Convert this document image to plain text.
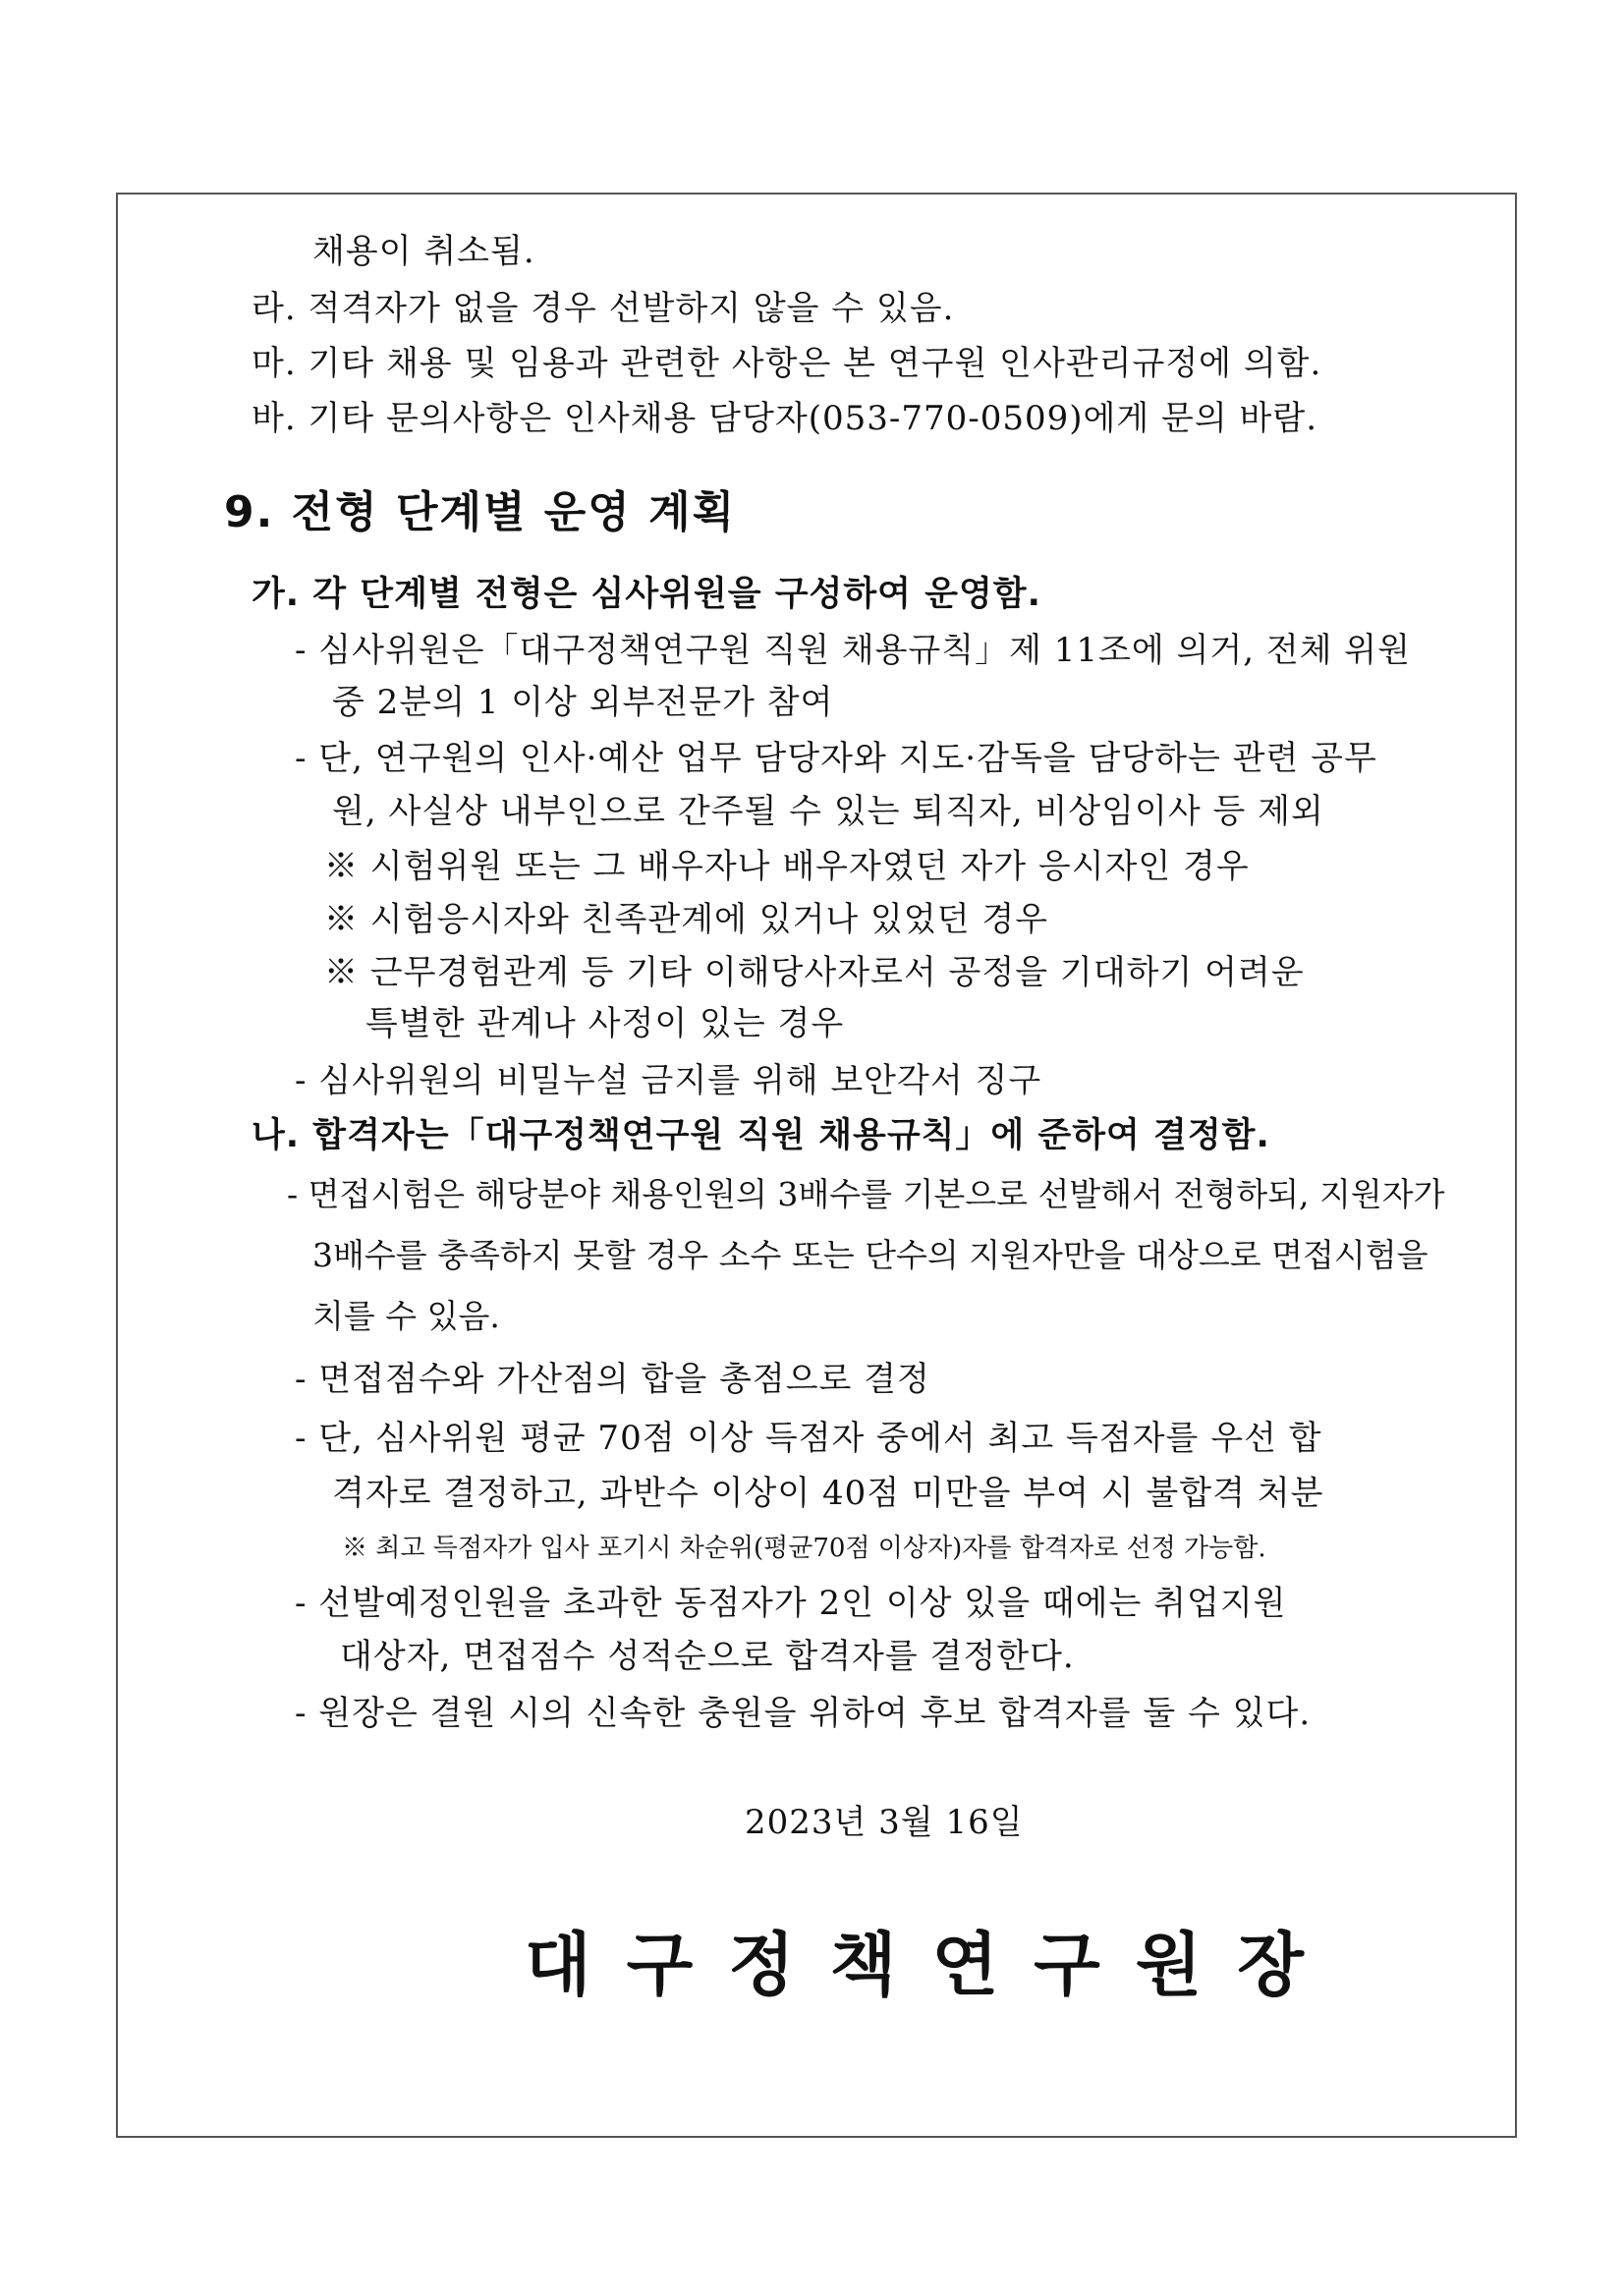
채용이 취소됨.
라. 적격자가 없을 경우 선발하지 않을 수 있음.
마. 기타 채용 및 임용과 관련한 사항은 본 연구원 인사관리규정에 의함.
바. 기타 문의사항은 인사채용 담당자(053-770-0509)에게 문의 바람.
9. 전형 단계별 운영 계획
가. 각 단계별 전형은 심사위원을 구성하여 운영함.
- 심사위원은「대구정책연구원 직원 채용규칙」제 11조에 의거, 전체 위원
중 2분의 1 이상 외부전문가 참여
- 단, 연구원의 인사·예산 업무 담당자와 지도·감독을 담당하는 관련 공무
원, 사실상 내부인으로 간주될 수 있는 퇴직자, 비상임이사 등 제외
※ 시험위원 또는 그 배우자나 배우자였던 자가 응시자인 경우
※ 시험응시자와 친족관계에 있거나 있었던 경우
※ 근무경험관계 등 기타 이해당사자로서 공정을 기대하기 어려운
특별한 관계나 사정이 있는 경우
- 심사위원의 비밀누설 금지를 위해 보안각서 징구
나. 합격자는「대구정책연구원 직원 채용규칙」에 준하여 결정함.
- 면접시험은 해당분야 채용인원의 3배수를 기본으로 선발해서 전형하되, 지원자가
3배수를 충족하지 못할 경우 소수 또는 단수의 지원자만을 대상으로 면접시험을
치를 수 있음.
- 면접점수와 가산점의 합을 총점으로 결정
- 단, 심사위원 평균 70점 이상 득점자 중에서 최고 득점자를 우선 합
격자로 결정하고, 과반수 이상이 40점 미만을 부여 시 불합격 처분
※ 최고 득점자가 입사 포기시 차순위(평균70점 이상자)자를 합격자로 선정 가능함.
- 선발예정인원을 초과한 동점자가 2인 이상 있을 때에는 취업지원
대상자, 면접점수 성적순으로 합격자를 결정한다.
- 원장은 결원 시의 신속한 충원을 위하여 후보 합격자를 둘 수 있다.
2023년 3월 16일
대구정책연구원장
